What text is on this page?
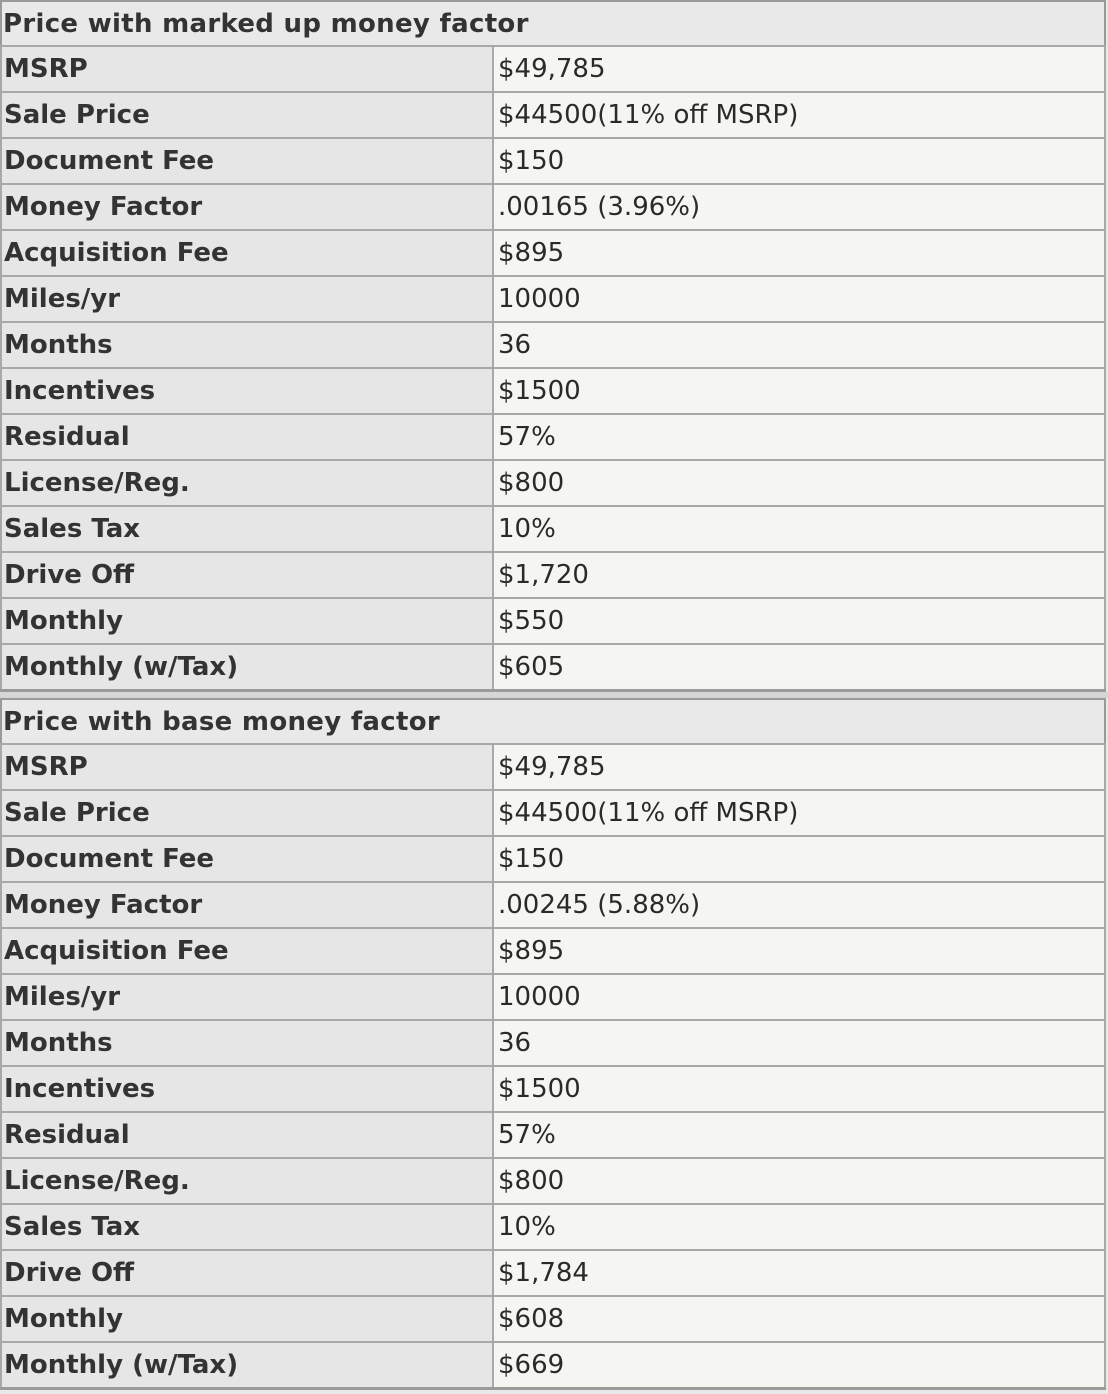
Price with marked up money factor	
MSRP	$49,785
Sale Price	$44500(11% off MSRP)
Document Fee	$150
Money Factor	.00165 (3.96%)
Acquisition Fee	$895
Miles/yr	10000
Months	36
Incentives	$1500
Residual	57%
License/Reg.	$800
Sales Tax	10%
Drive Off	$1,720
Monthly	$550
Monthly (w/Tax)	$605
Price with base money factor	
MSRP	$49,785
Sale Price	$44500(11% off MSRP)
Document Fee	$150
Money Factor	.00245 (5.88%)
Acquisition Fee	$895
Miles/yr	10000
Months	36
Incentives	$1500
Residual	57%
License/Reg.	$800
Sales Tax	10%
Drive Off	$1,784
Monthly	$608
Monthly (w/Tax)	$669
